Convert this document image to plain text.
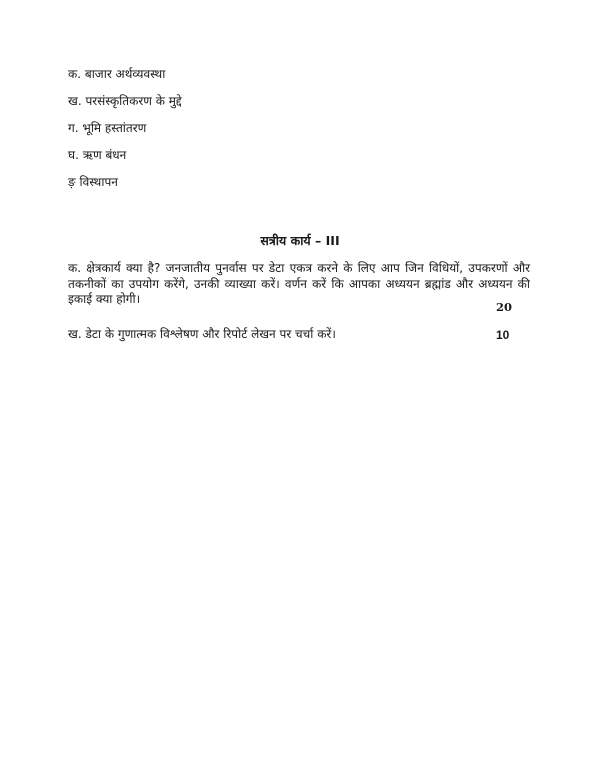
क. बाजार अर्थव्यवस्था
ख. परसंस्कृतिकरण के मुद्दे
ग. भूमि हस्तांतरण
घ. ऋण बंधन
ङ़ विस्थापन
सत्रीय कार्य – III
क. क्षेत्रकार्य क्या है? जनजातीय पुनर्वास पर डेटा एकत्र करने के लिए आप जिन विधियों, उपकरणों और तकनीकों का उपयोग करेंगे, उनकी व्याख्या करें। वर्णन करें कि आपका अध्ययन ब्रह्मांड और अध्ययन की इकाई क्या होगी।
20
ख. डेटा के गुणात्मक विश्लेषण और रिपोर्ट लेखन पर चर्चा करें।	10
